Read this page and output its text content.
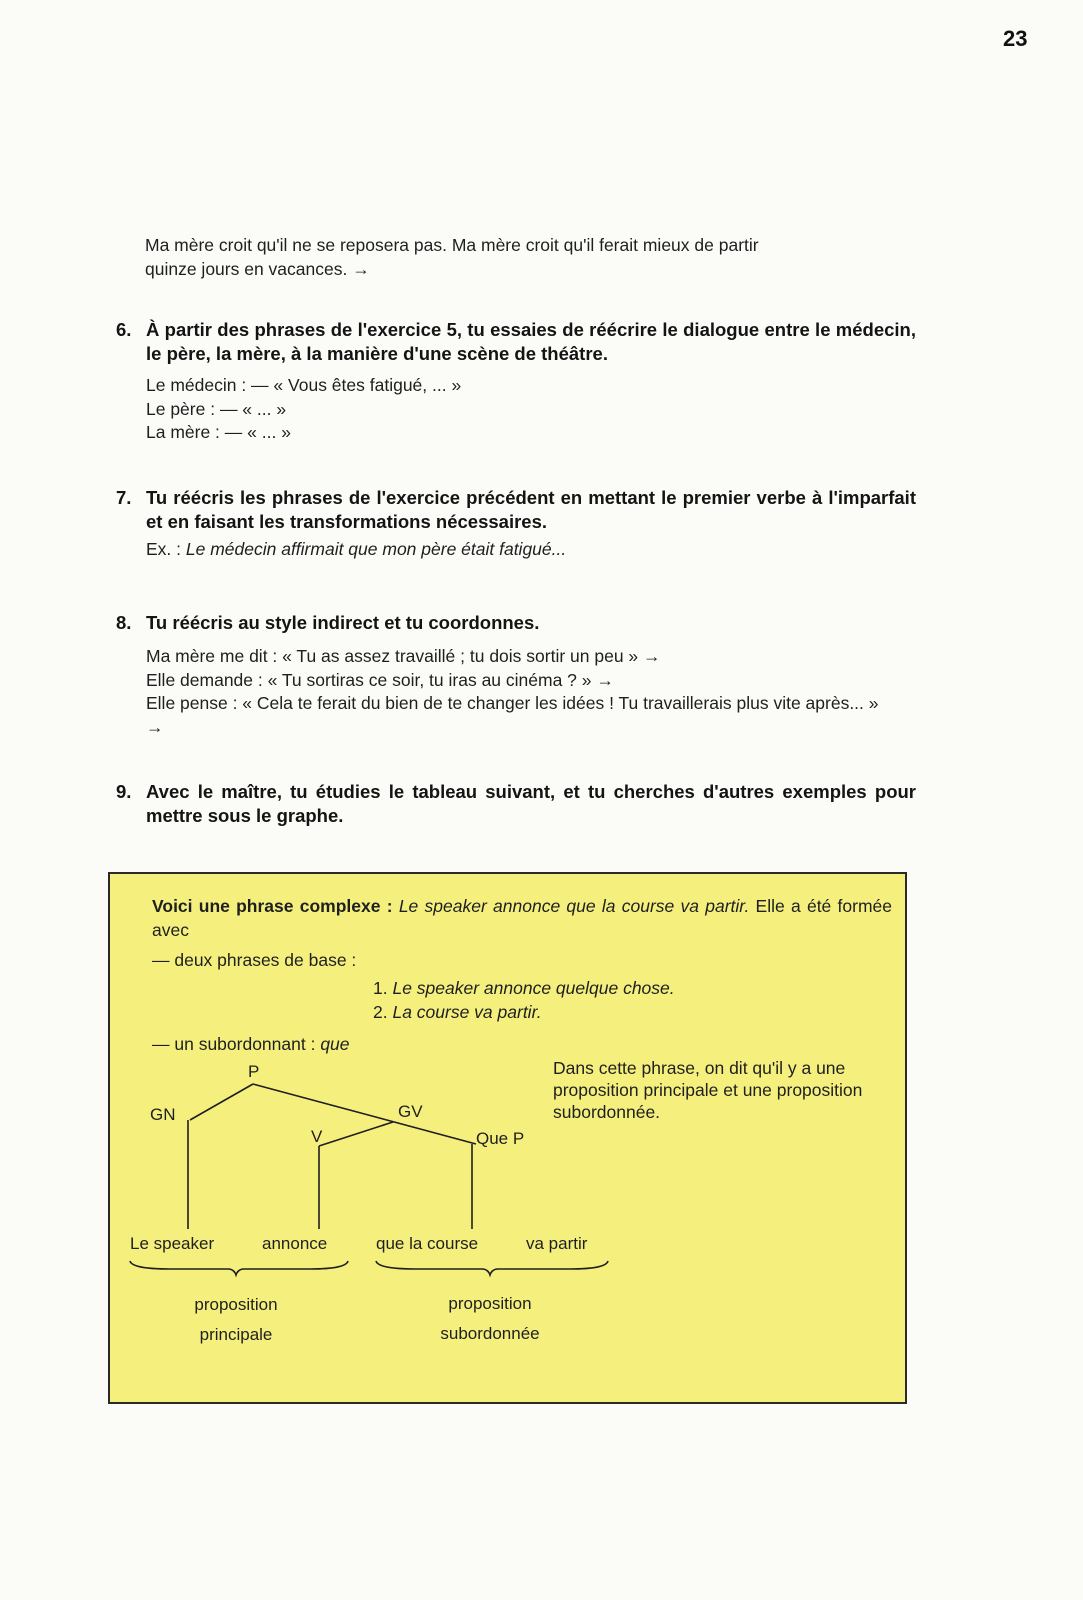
23
Ma mère croit qu'il ne se reposera pas. Ma mère croit qu'il ferait mieux de partir
quinze jours en vacances. →
6. À partir des phrases de l'exercice 5, tu essaies de réécrire le dialogue entre le médecin, le père, la mère, à la manière d'une scène de théâtre.

Le médecin : — « Vous êtes fatigué, ... »

Le père : — « ... »

La mère : — « ... »

7. Tu réécris les phrases de l'exercice précédent en mettant le premier verbe à l'imparfait et en faisant les transformations nécessaires.

Ex. : Le médecin affirmait que mon père était fatigué...

8. Tu réécris au style indirect et tu coordonnes.

Ma mère me dit : « Tu as assez travaillé ; tu dois sortir un peu » →

Elle demande : « Tu sortiras ce soir, tu iras au cinéma ? » →

Elle pense : « Cela te ferait du bien de te changer les idées ! Tu travaillerais plus vite après... » →

9. Avec le maître, tu étudies le tableau suivant, et tu cherches d'autres exemples pour mettre sous le graphe.

Voici une phrase complexe : Le speaker annonce que la course va partir. Elle a été formée avec

— deux phrases de base :

1. Le speaker annonce quelque chose.

2. La course va partir.

— un subordonnant : que

Dans cette phrase, on dit qu'il y a une proposition principale et une proposition subordonnée.
P
GN	GV
V	Que P
Le speaker	annonce	que la course	va partir
proposition
principale
proposition
subordonnée
